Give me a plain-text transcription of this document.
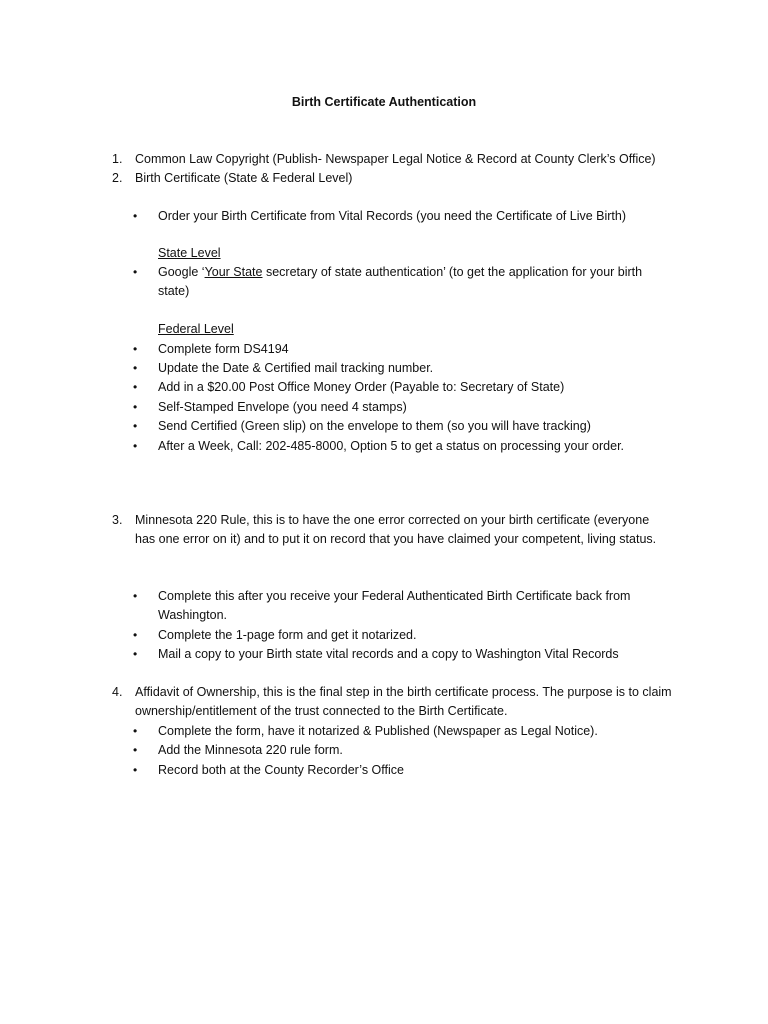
Birth Certificate Authentication
1. Common Law Copyright (Publish- Newspaper Legal Notice & Record at County Clerk’s Office)
2. Birth Certificate (State & Federal Level)
• Order your Birth Certificate from Vital Records (you need the Certificate of Live Birth)
State Level
• Google ‘Your State secretary of state authentication’ (to get the application for your birth state)
Federal Level
• Complete form DS4194
• Update the Date & Certified mail tracking number.
• Add in a $20.00 Post Office Money Order (Payable to: Secretary of State)
• Self-Stamped Envelope (you need 4 stamps)
• Send Certified (Green slip) on the envelope to them (so you will have tracking)
• After a Week, Call: 202-485-8000, Option 5 to get a status on processing your order.
3. Minnesota 220 Rule, this is to have the one error corrected on your birth certificate (everyone has one error on it) and to put it on record that you have claimed your competent, living status.
• Complete this after you receive your Federal Authenticated Birth Certificate back from Washington.
• Complete the 1-page form and get it notarized.
• Mail a copy to your Birth state vital records and a copy to Washington Vital Records
4. Affidavit of Ownership, this is the final step in the birth certificate process. The purpose is to claim ownership/entitlement of the trust connected to the Birth Certificate.
• Complete the form, have it notarized & Published (Newspaper as Legal Notice).
• Add the Minnesota 220 rule form.
• Record both at the County Recorder’s Office
